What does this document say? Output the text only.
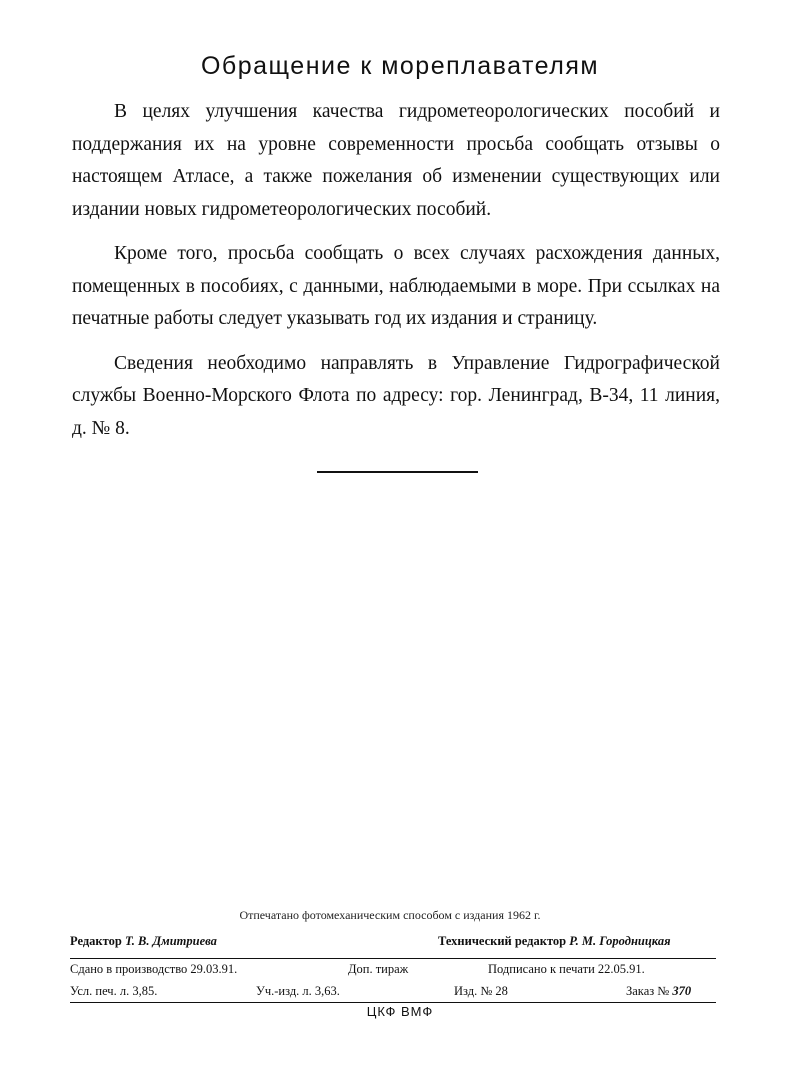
Обращение к мореплавателям

В целях улучшения качества гидрометеорологических пособий и поддержания их на уровне современности просьба сообщать отзывы о настоящем Атласе, а также пожелания об изменении существующих или издании новых гидрометеорологических пособий.

Кроме того, просьба сообщать о всех случаях расхождения данных, помещенных в пособиях, с данными, наблюдаемыми в море. При ссылках на печатные работы следует указывать год их издания и страницу.

Сведения необходимо направлять в Управление Гидрографической службы Военно-Морского Флота по адресу: гор. Ленинград, В-34, 11 линия, д. № 8.

Отпечатано фотомеханическим способом с издания 1962 г.
Редактор Т. В. Дмитриева	Технический редактор Р. М. Городницкая
Сдано в производство 29.03.91.	Доп. тираж	Подписано к печати 22.05.91.
Усл. печ. л. 3,85.	Уч.-изд. л. 3,63.	Изд. № 28	Заказ № 370
ЦКФ ВМФ
